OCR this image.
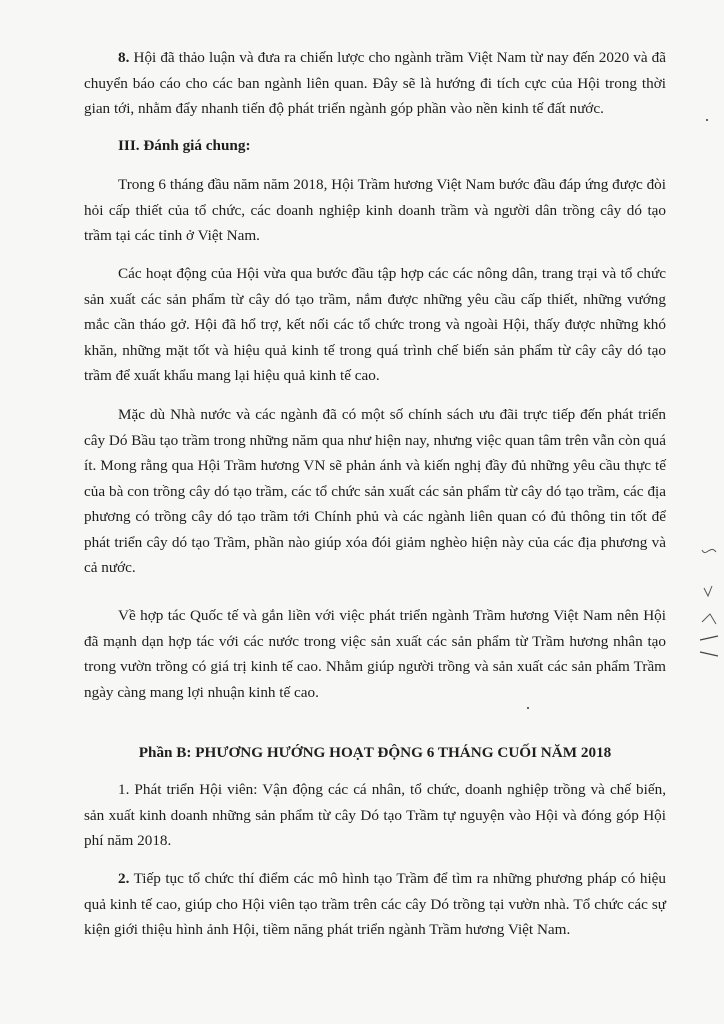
8. Hội đã thảo luận và đưa ra chiến lược cho ngành trầm Việt Nam từ nay đến 2020 và đã chuyển báo cáo cho các ban ngành liên quan. Đây sẽ là hướng đi tích cực của Hội trong thời gian tới, nhằm đẩy nhanh tiến độ phát triển ngành góp phần vào nền kinh tế đất nước.

III. Đánh giá chung:

Trong 6 tháng đầu năm năm 2018, Hội Trầm hương Việt Nam bước đầu đáp ứng được đòi hỏi cấp thiết của tổ chức, các doanh nghiệp kinh doanh trầm và người dân trồng cây dó tạo trầm tại các tỉnh ở Việt Nam.

Các hoạt động của Hội vừa qua bước đầu tập hợp các các nông dân, trang trại và tổ chức sản xuất các sản phẩm từ cây dó tạo trầm, nắm được những yêu cầu cấp thiết, những vướng mắc cần tháo gở. Hội đã hổ trợ, kết nối các tổ chức trong và ngoài Hội, thấy được những khó khăn, những mặt tốt và hiệu quả kinh tế trong quá trình chế biến sản phẩm từ cây cây dó tạo trầm để xuất khẩu mang lại hiệu quả kinh tế cao.

Mặc dù Nhà nước và các ngành đã có một số chính sách ưu đãi trực tiếp đến phát triển cây Dó Bầu tạo trầm trong những năm qua như hiện nay, nhưng việc quan tâm trên vẫn còn quá ít. Mong rằng qua Hội Trầm hương VN sẽ phản ánh và kiến nghị đầy đủ những yêu cầu thực tế của bà con trồng cây dó tạo trầm, các tổ chức sản xuất các sản phẩm từ cây dó tạo trầm, các địa phương có trồng cây dó tạo trầm tới Chính phủ và các ngành liên quan có đủ thông tin tốt để phát triển cây dó tạo Trầm, phần nào giúp xóa đói giảm nghèo hiện này của các địa phương và cả nước.

Về hợp tác Quốc tế và gắn liền với việc phát triển ngành Trầm hương Việt Nam nên Hội đã mạnh dạn hợp tác với các nước trong việc sản xuất các sản phẩm từ Trầm hương nhân tạo trong vườn trồng có giá trị kinh tế cao. Nhằm giúp người trồng và sản xuất các sản phẩm Trầm ngày càng mang lợi nhuận kinh tế cao.

Phần B: PHƯƠNG HƯỚNG HOẠT ĐỘNG 6 THÁNG CUỐI NĂM 2018

1. Phát triển Hội viên: Vận động các cá nhân, tổ chức, doanh nghiệp trồng và chế biến, sản xuất kinh doanh những sản phẩm từ cây Dó tạo Trầm tự nguyện vào Hội và đóng góp Hội phí năm 2018.

2. Tiếp tục tổ chức thí điểm các mô hình tạo Trầm để tìm ra những phương pháp có hiệu quả kinh tế cao, giúp cho Hội viên tạo trầm trên các cây Dó trồng tại vườn nhà. Tổ chức các sự kiện giới thiệu hình ảnh Hội, tiềm năng phát triển ngành Trầm hương Việt Nam.
